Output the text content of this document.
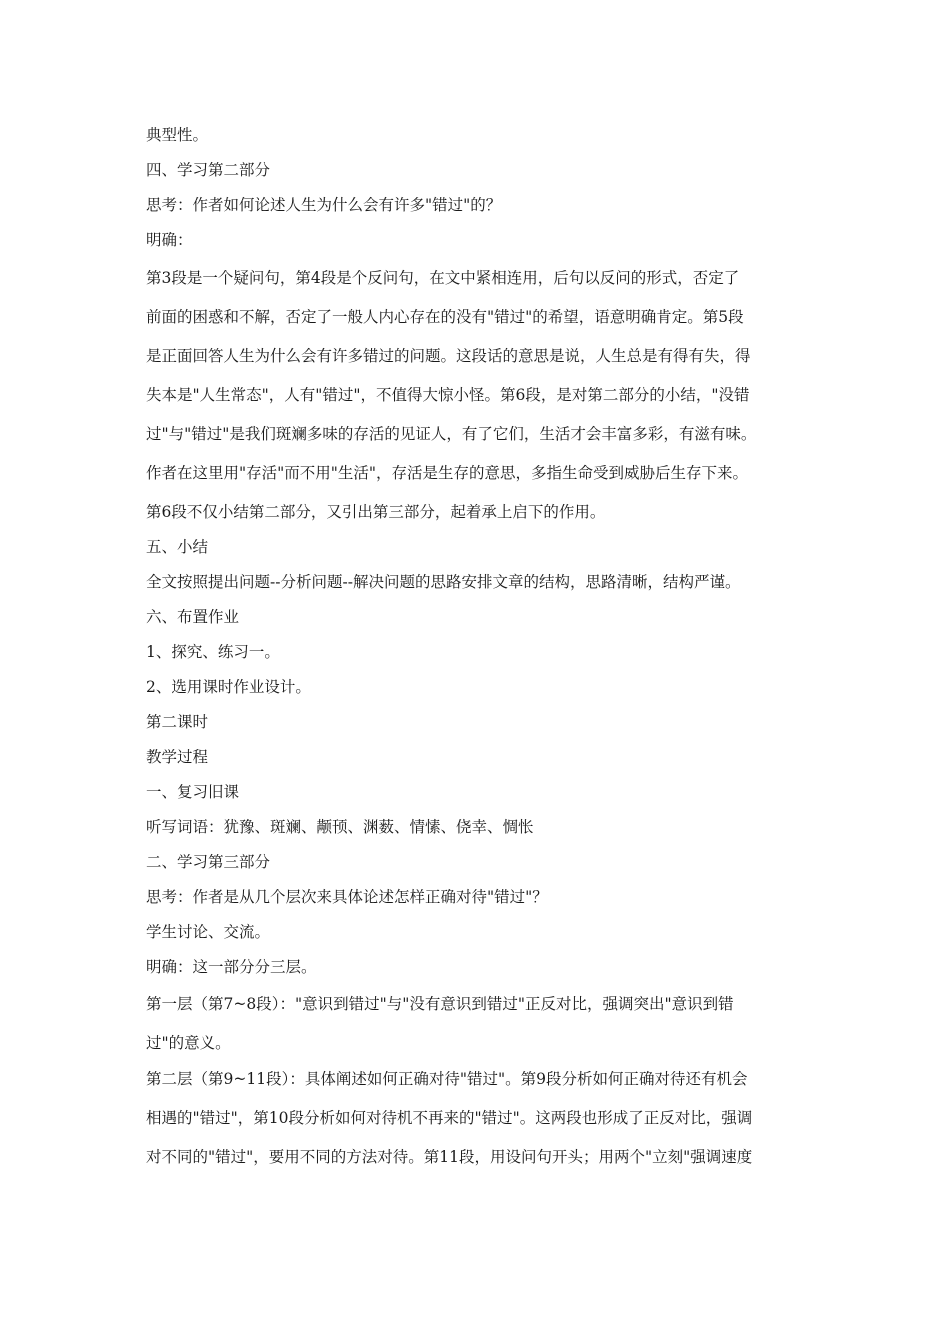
典型性。

四、学习第二部分

思考：作者如何论述人生为什么会有许多"错过"的？

明确：

第3段是一个疑问句，第4段是个反问句，在文中紧相连用，后句以反问的形式，否定了

前面的困惑和不解，否定了一般人内心存在的没有"错过"的希望，语意明确肯定。第5段

是正面回答人生为什么会有许多错过的问题。这段话的意思是说，人生总是有得有失，得

失本是"人生常态"，人有"错过"，不值得大惊小怪。第6段，是对第二部分的小结，"没错

过"与"错过"是我们斑斓多味的存活的见证人，有了它们，生活才会丰富多彩，有滋有味。

作者在这里用"存活"而不用"生活"，存活是生存的意思，多指生命受到威胁后生存下来。

第6段不仅小结第二部分，又引出第三部分，起着承上启下的作用。

五、小结

全文按照提出问题--分析问题--解决问题的思路安排文章的结构，思路清晰，结构严谨。

六、布置作业

1、探究、练习一。

2、选用课时作业设计。

第二课时

教学过程

一、复习旧课

听写词语：犹豫、斑斓、颟顸、渊薮、情愫、侥幸、惆怅

二、学习第三部分

思考：作者是从几个层次来具体论述怎样正确对待"错过"？

学生讨论、交流。

明确：这一部分分三层。

第一层（第7~8段）："意识到错过"与"没有意识到错过"正反对比，强调突出"意识到错

过"的意义。

第二层（第9~11段）：具体阐述如何正确对待"错过"。第9段分析如何正确对待还有机会

相遇的"错过"，第10段分析如何对待机不再来的"错过"。这两段也形成了正反对比，强调

对不同的"错过"，要用不同的方法对待。第11段，用设问句开头；用两个"立刻"强调速度
